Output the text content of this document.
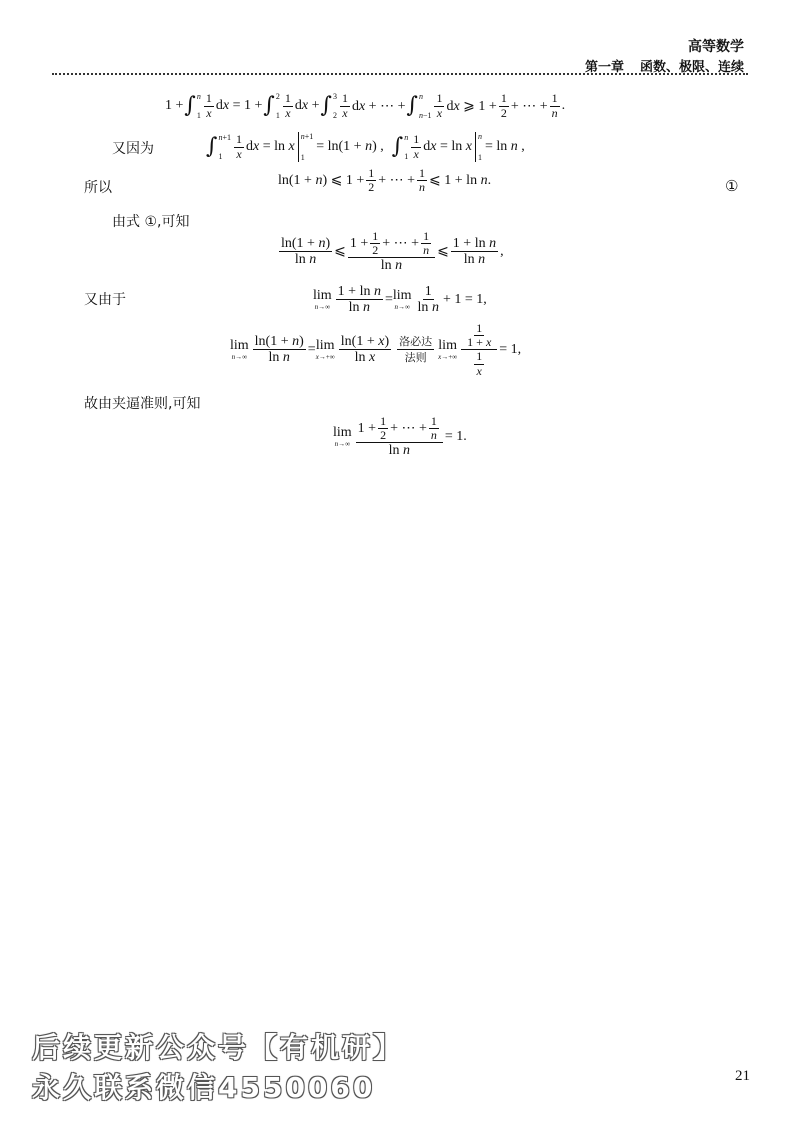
高等数学
第一章 函数、极限、连续
1 + ∫ n
$1 \frac{1}{x}$ dx = 1 + ∫ 2
$1 \frac{1}{x}$ dx + ∫ 3
$2 \frac{1}{x}$ dx + ⋯ + ∫ n
$n-1 \frac{1}{x}$ dx ⩾ $1 + \frac{1}{2}$ + ⋯ + $\frac{1}{n}$ .
又因为 ∫ n+1
$1 \frac{1}{x}$ dx = ln x
n+1
1
= ln(1 + n) , ∫ n
$1 \frac{1}{x}$ dx = ln x
n
1
= ln n ,
所以	ln(1 + n) ⩽ $1 + \frac{1}{2}$ + ⋯ + $\frac{1}{n}$ ⩽ 1 + ln n.	①
由式 ①,可知
$\frac{\ln(1 + n)}{\text{ln n}}$ ⩽ $\frac{1 + \frac{1}{2} + \cdots + \frac{1}{n}}{\text{ln n}}$ ⩽ $\frac{\text{1 + ln n}}{\text{ln n}}$ ,
又由于	lim
$n\to\infty \frac{\text{1 + ln n}}{\text{ln n}} = \lim$
$n\to\infty \frac{1}{\text{ln n}} + 1 = 1$,
lim
$n\to\infty \frac{\ln(1 + n)}{\text{ln n}} = \lim$
$x\to+\infty \frac{\ln(1 + x)}{\text{ln x}}$ 洛必达
法则
lim
$x\to+\infty \frac{\frac{1}{1 + x}}{\frac{1}{x}} = 1$,
故由夹逼准则,可知
lim
$n\to\infty \frac{1 + \frac{1}{2} + \cdots + \frac{1}{n}}{\text{ln n}} = 1$.
后续更新公众号【有机研】
永久联系微信4550060	21
